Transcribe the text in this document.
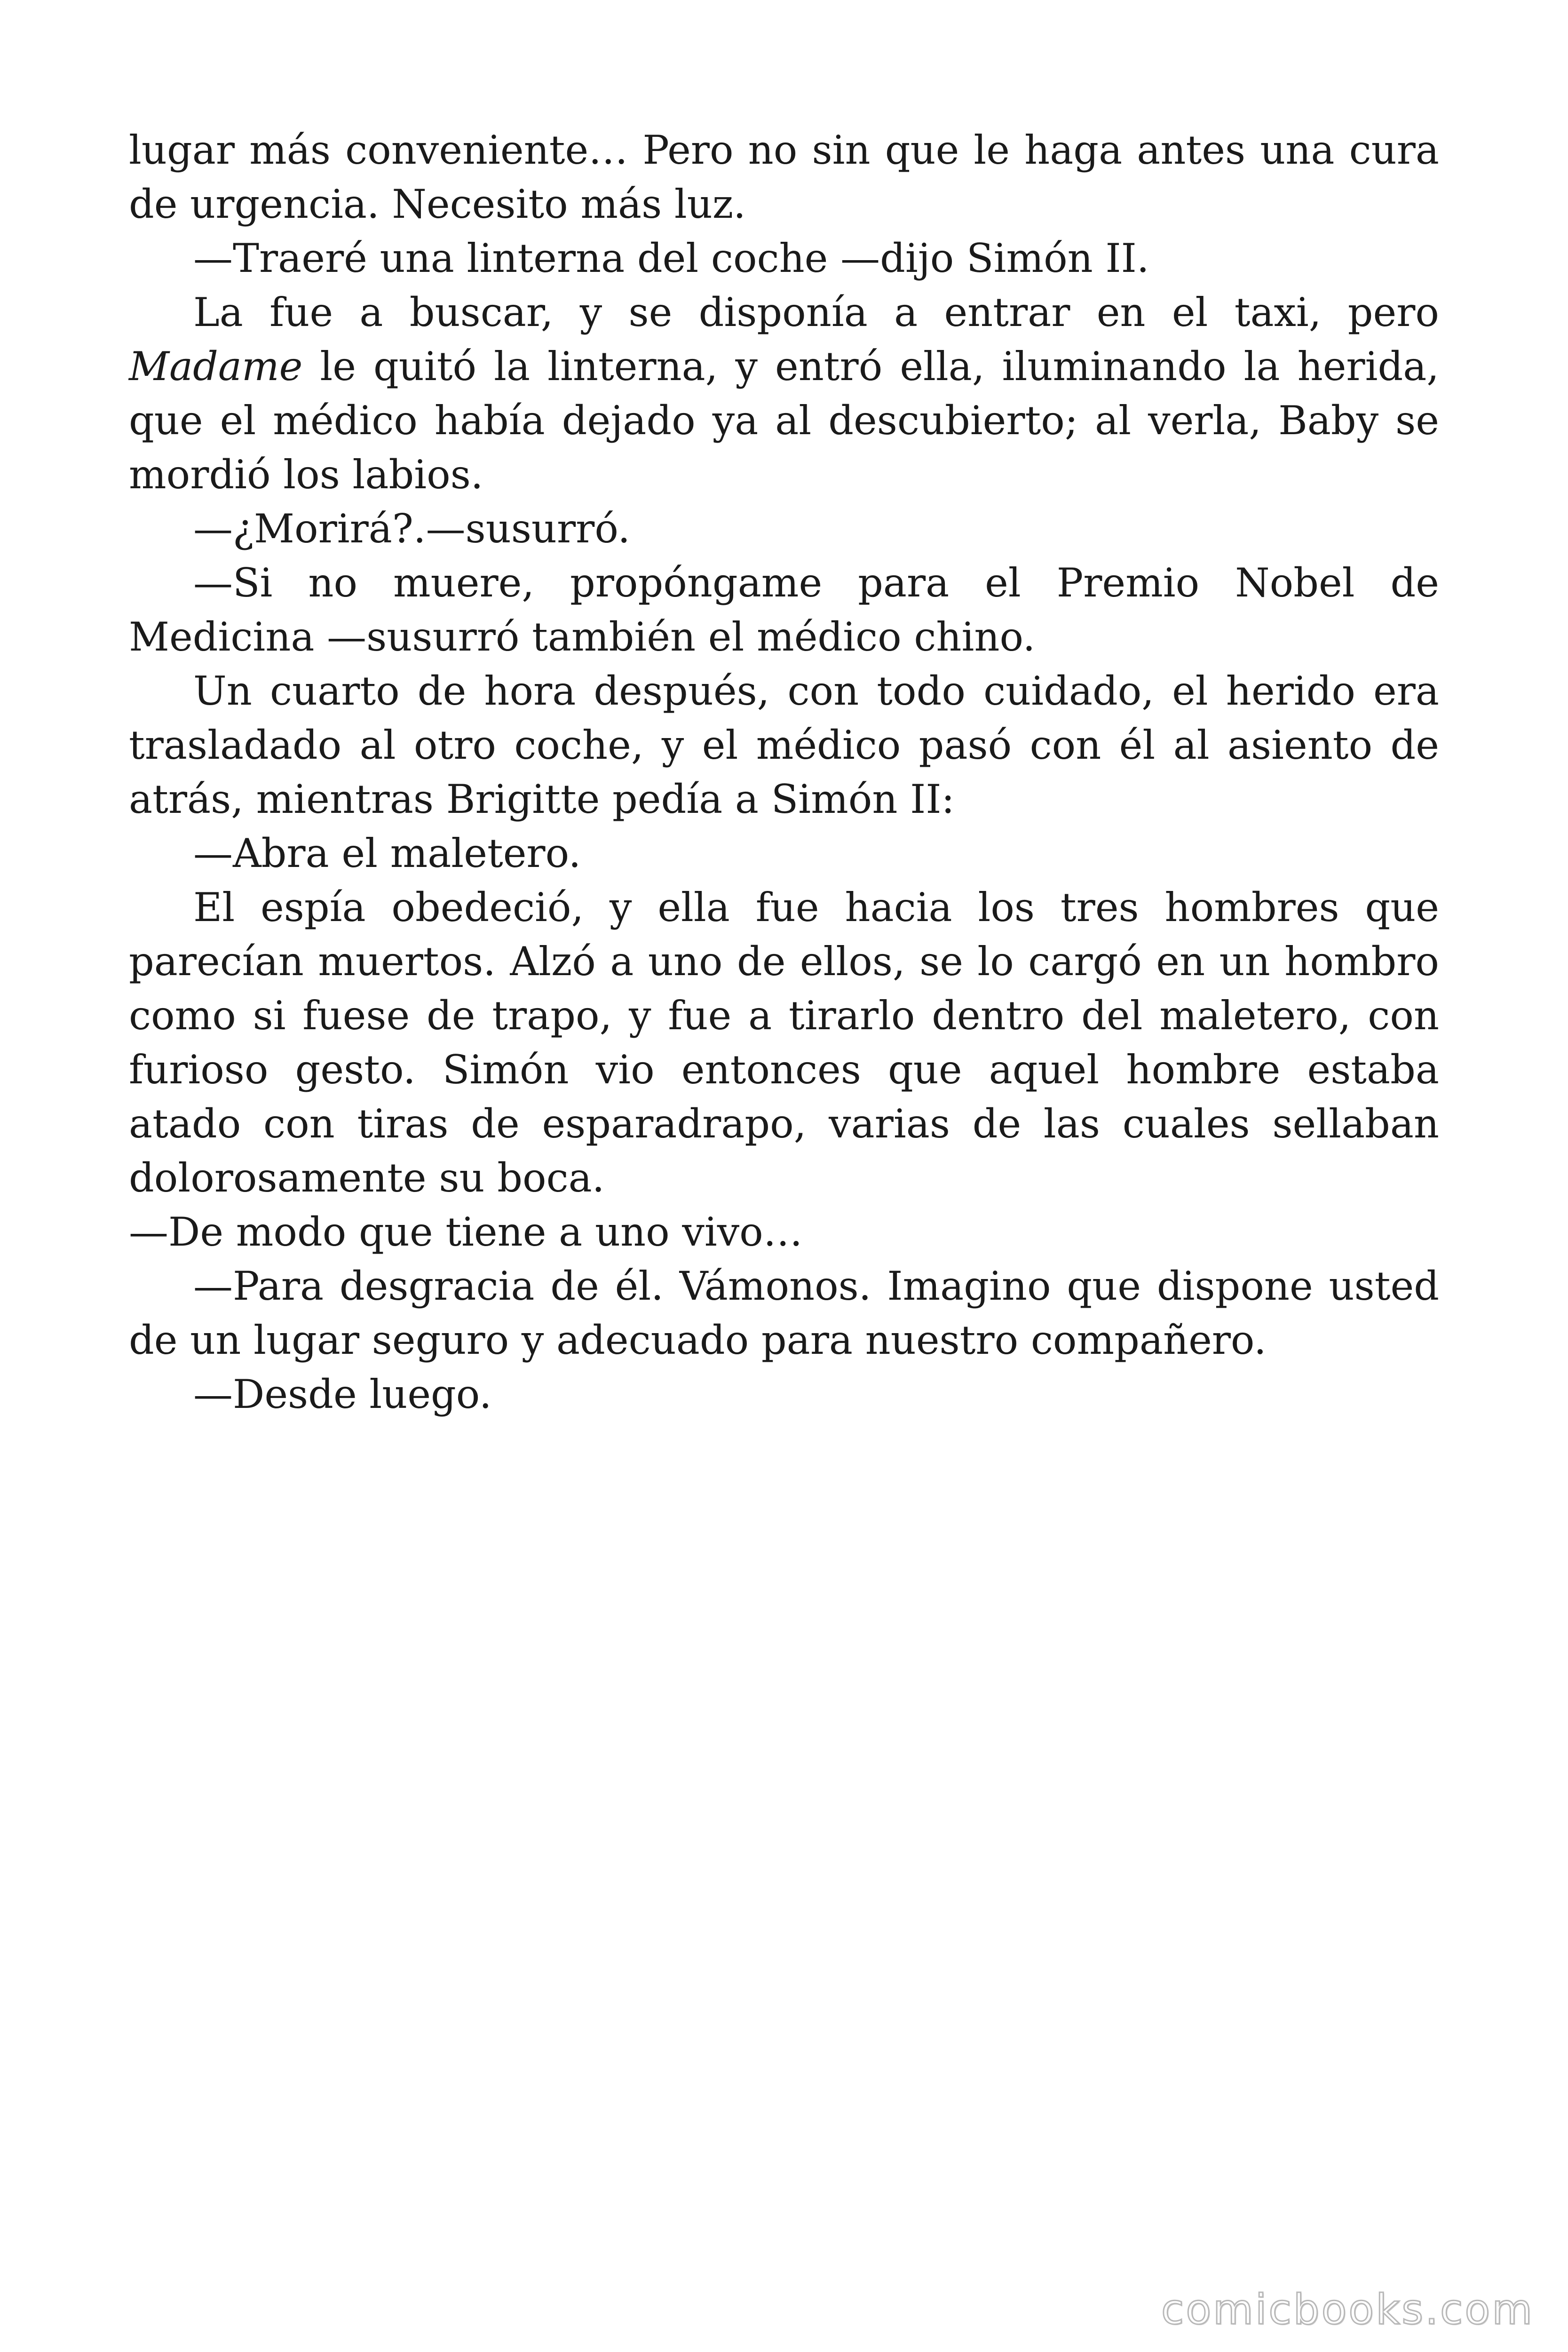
lugar más conveniente… Pero no sin que le haga antes una cura de urgencia. Necesito más luz.

—Traeré una linterna del coche —dijo Simón II.

La fue a buscar, y se disponía a entrar en el taxi, pero Madame le quitó la linterna, y entró ella, iluminando la herida, que el médico había dejado ya al descubierto; al verla, Baby se mordió los labios.

—¿Morirá?.—susurró.

—Si no muere, propóngame para el Premio Nobel de Medicina —susurró también el médico chino.

Un cuarto de hora después, con todo cuidado, el herido era trasladado al otro coche, y el médico pasó con él al asiento de atrás, mientras Brigitte pedía a Simón II:

—Abra el maletero.

El espía obedeció, y ella fue hacia los tres hombres que parecían muertos. Alzó a uno de ellos, se lo cargó en un hombro como si fuese de trapo, y fue a tirarlo dentro del maletero, con furioso gesto. Simón vio entonces que aquel hombre estaba atado con tiras de esparadrapo, varias de las cuales sellaban dolorosamente su boca.
—De modo que tiene a uno vivo…

—Para desgracia de él. Vámonos. Imagino que dispone usted de un lugar seguro y adecuado para nuestro compañero.

—Desde luego.

comicbooks.com
